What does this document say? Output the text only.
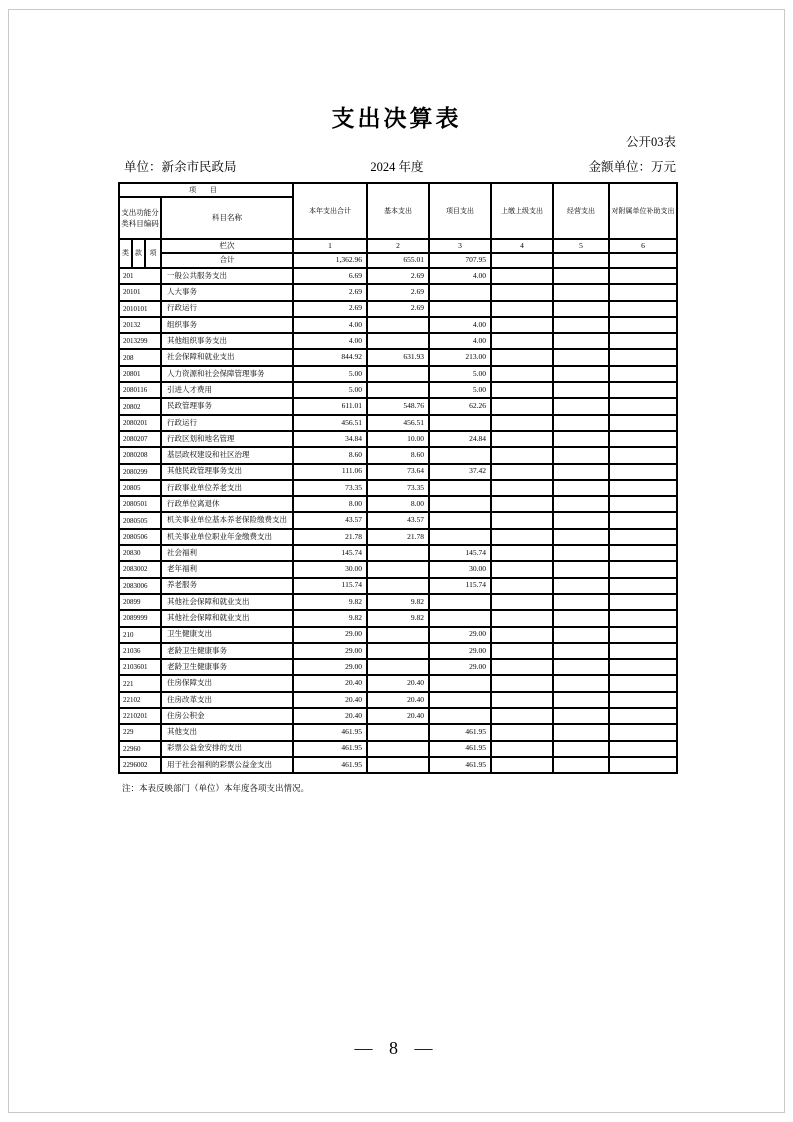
支出决算表
公开03表
单位：新余市民政局	2024 年度	金额单位：万元
项 目				本年支出合计	基本支出	项目支出	上缴上级支出	经营支出	对附属单位补助支出
支出功能分
类科目编码			科目名称						
类	款	项	栏次	1	2	3	4	5	6
			合计	1,362.96	655.01	707.95			
201			一般公共服务支出	6.69	2.69	4.00			
20101			人大事务	2.69	2.69				
2010101			行政运行	2.69	2.69				
20132			组织事务	4.00		4.00			
2013299			其他组织事务支出	4.00		4.00			
208			社会保障和就业支出	844.92	631.93	213.00			
20801			人力资源和社会保障管理事务	5.00		5.00			
2080116			引进人才费用	5.00		5.00			
20802			民政管理事务	611.01	548.76	62.26			
2080201			行政运行	456.51	456.51				
2080207			行政区划和地名管理	34.84	10.00	24.84			
2080208			基层政权建设和社区治理	8.60	8.60				
2080299			其他民政管理事务支出	111.06	73.64	37.42			
20805			行政事业单位养老支出	73.35	73.35				
2080501			行政单位离退休	8.00	8.00				
2080505			机关事业单位基本养老保险缴费支出	43.57	43.57				
2080506			机关事业单位职业年金缴费支出	21.78	21.78				
20830			社会福利	145.74		145.74			
2083002			老年福利	30.00		30.00			
2083006			养老服务	115.74		115.74			
20899			其他社会保障和就业支出	9.82	9.82				
2089999			其他社会保障和就业支出	9.82	9.82				
210			卫生健康支出	29.00		29.00			
21036			老龄卫生健康事务	29.00		29.00			
2103601			老龄卫生健康事务	29.00		29.00			
221			住房保障支出	20.40	20.40				
22102			住房改革支出	20.40	20.40				
2210201			住房公积金	20.40	20.40				
229			其他支出	461.95		461.95			
22960			彩票公益金安排的支出	461.95		461.95			
2296002			用于社会福利的彩票公益金支出	461.95		461.95			
注：本表反映部门（单位）本年度各项支出情况。
— 8 —
